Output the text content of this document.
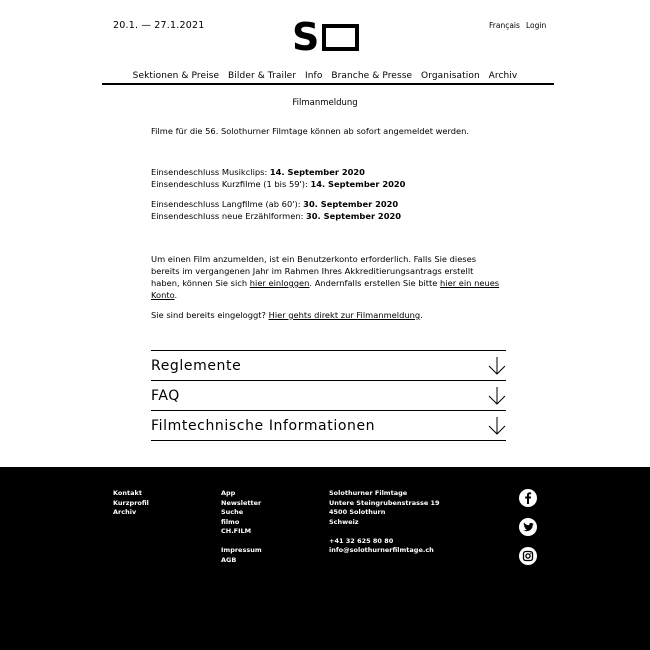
20.1. — 27.1.2021 S	Français Login
Sektionen & Preise Bilder & Trailer Info Branche & Presse Organisation Archiv
Filmanmeldung
Filme für die 56. Solothurner Filmtage können ab sofort angemeldet werden.
Einsendeschluss Musikclips: 14. September 2020
Einsendeschluss Kurzfilme (1 bis 59'): 14. September 2020
Einsendeschluss Langfilme (ab 60'): 30. September 2020
Einsendeschluss neue Erzählformen: 30. September 2020
Um einen Film anzumelden, ist ein Benutzerkonto erforderlich. Falls Sie dieses bereits im vergangenen Jahr im Rahmen Ihres Akkreditierungsantrags erstellt haben, können Sie sich hier einloggen. Andernfalls erstellen Sie bitte hier ein neues Konto.
Sie sind bereits eingeloggt? Hier gehts direkt zur Filmanmeldung.
Reglemente
FAQ
Filmtechnische Informationen
Kontakt
Kurzprofil
Archiv
App
Newsletter
Suche
filmo
CH.FILM
Impressum
AGB
Solothurner Filmtage
Untere Steingrubenstrasse 19
4500 Solothurn
Schweiz
+41 32 625 80 80
info@solothurnerfilmtage.ch
